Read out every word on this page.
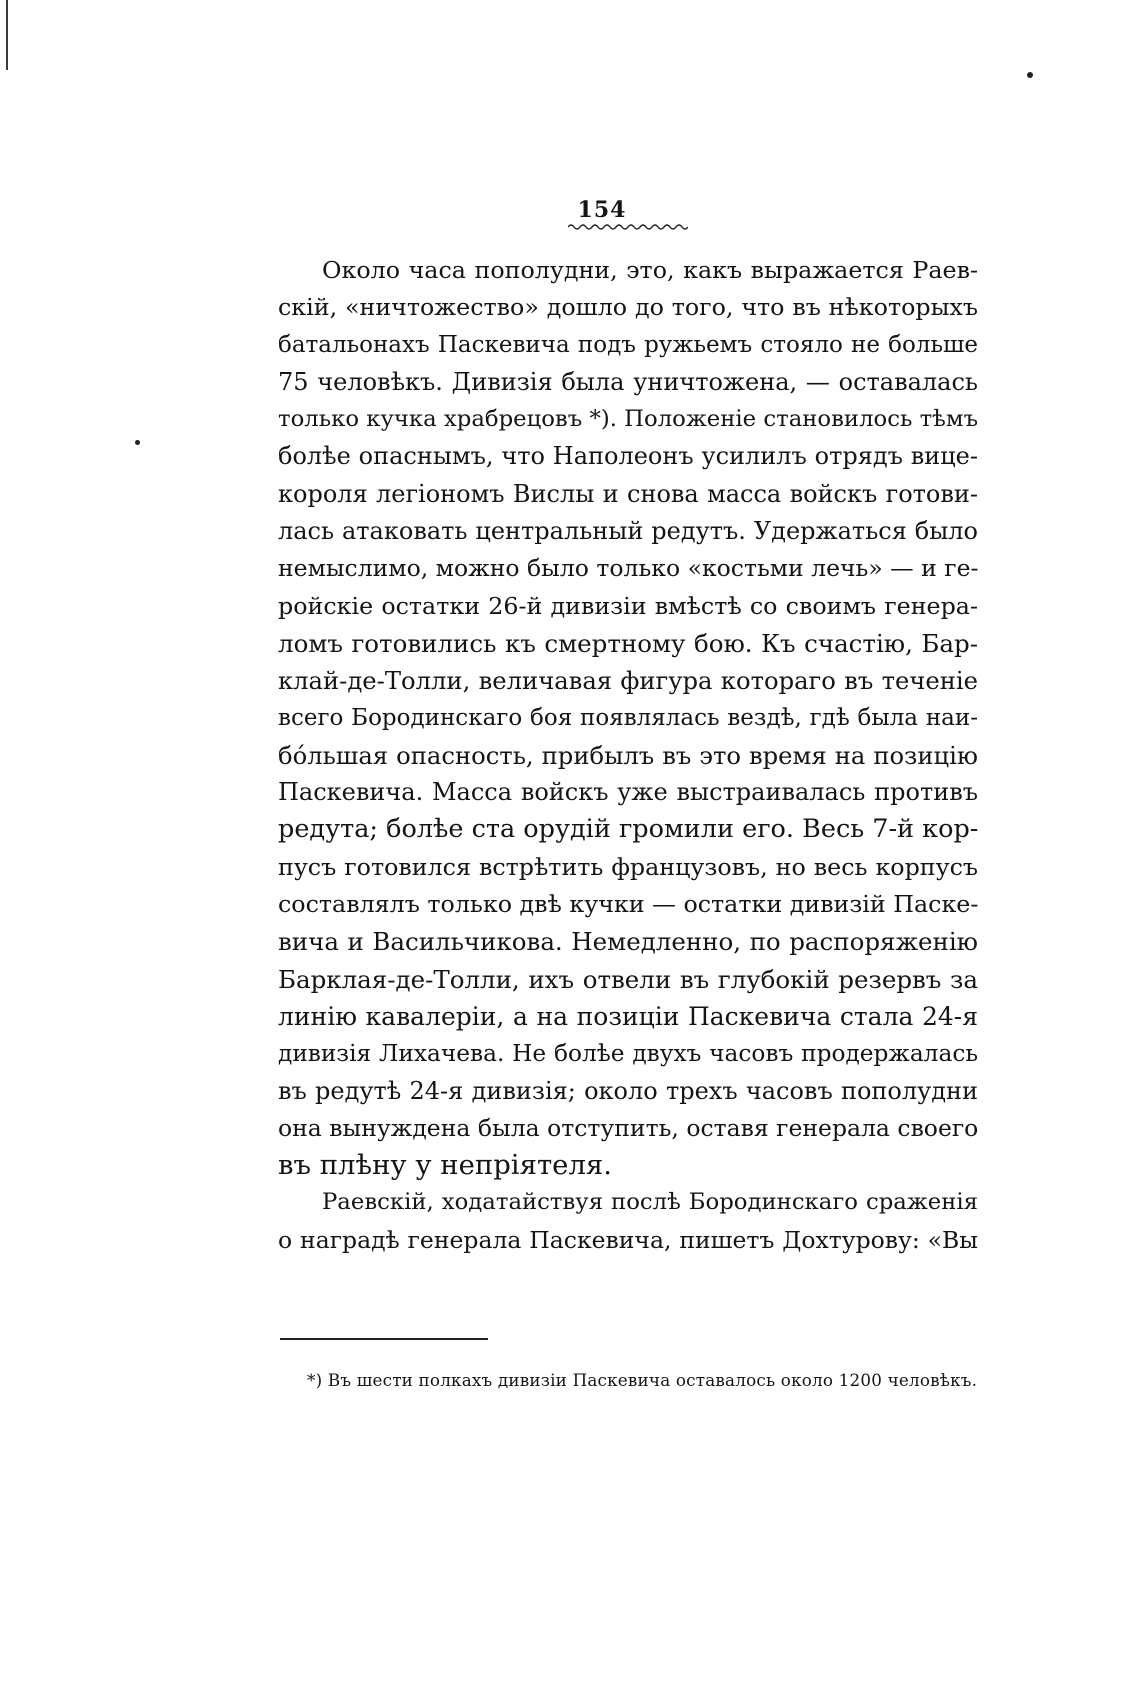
154
Около часа пополудни, это, какъ выражается Раев-
скій, «ничтожество» дошло до того, что въ нѣкоторыхъ
батальонахъ Паскевича подъ ружьемъ стояло не больше
75 человѣкъ. Дивизія была уничтожена, — оставалась
только кучка храбрецовъ *). Положеніе становилось тѣмъ
болѣе опаснымъ, что Наполеонъ усилилъ отрядъ вице-
короля легіономъ Вислы и снова масса войскъ готови-
лась атаковать центральный редутъ. Удержаться было
немыслимо, можно было только «костьми лечь» — и ге-
ройскіе остатки 26-й дивизіи вмѣстѣ со своимъ генера-
ломъ готовились къ смертному бою. Къ счастію, Бар-
клай-де-Толли, величавая фигура котораго въ теченіе
всего Бородинскаго боя появлялась вездѣ, гдѣ была наи-
бóльшая опасность, прибылъ въ это время на позицію
Паскевича. Масса войскъ уже выстраивалась противъ
редута; болѣе ста орудій громили его. Весь 7-й кор-
пусъ готовился встрѣтить французовъ, но весь корпусъ
составлялъ только двѣ кучки — остатки дивизій Паске-
вича и Васильчикова. Немедленно, по распоряженію
Барклая-де-Толли, ихъ отвели въ глубокій резервъ за
линію кавалеріи, а на позиціи Паскевича стала 24-я
дивизія Лихачева. Не болѣе двухъ часовъ продержалась
въ редутѣ 24-я дивизія; около трехъ часовъ пополудни
она вынуждена была отступить, оставя генерала своего
въ плѣну у непріятеля.
Раевскій, ходатайствуя послѣ Бородинскаго сраженія
о наградѣ генерала Паскевича, пишетъ Дохтурову: «Вы
*) Въ шести полкахъ дивизіи Паскевича оставалось около 1200 человѣкъ.
